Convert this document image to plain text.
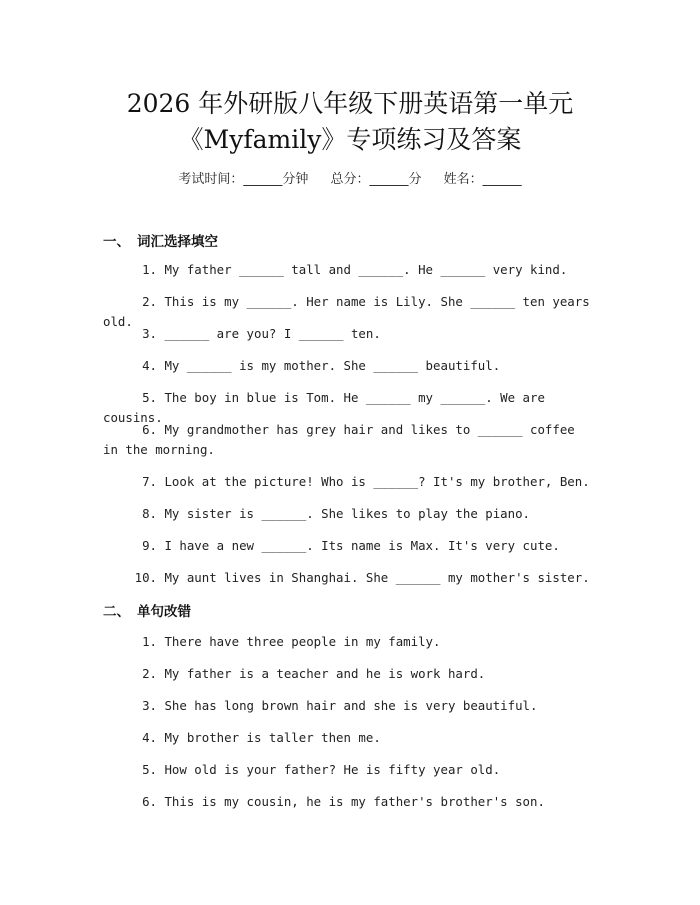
2026 年外研版八年级下册英语第一单元
《Myfamily》专项练习及答案
考试时间：______分钟 总分：______分 姓名：______
一、 词汇选择填空
1. My father ______ tall and ______. He ______ very kind.
2. This is my ______. Her name is Lily. She ______ ten years old.
3. ______ are you? I ______ ten.
4. My ______ is my mother. She ______ beautiful.
5. The boy in blue is Tom. He ______ my ______. We are cousins.
6. My grandmother has grey hair and likes to ______ coffee in the morning.
7. Look at the picture! Who is ______? It's my brother, Ben.
8. My sister is ______. She likes to play the piano.
9. I have a new ______. Its name is Max. It's very cute.
10. My aunt lives in Shanghai. She ______ my mother's sister.
二、 单句改错
1. There have three people in my family.
2. My father is a teacher and he is work hard.
3. She has long brown hair and she is very beautiful.
4. My brother is taller then me.
5. How old is your father? He is fifty year old.
6. This is my cousin, he is my father's brother's son.
